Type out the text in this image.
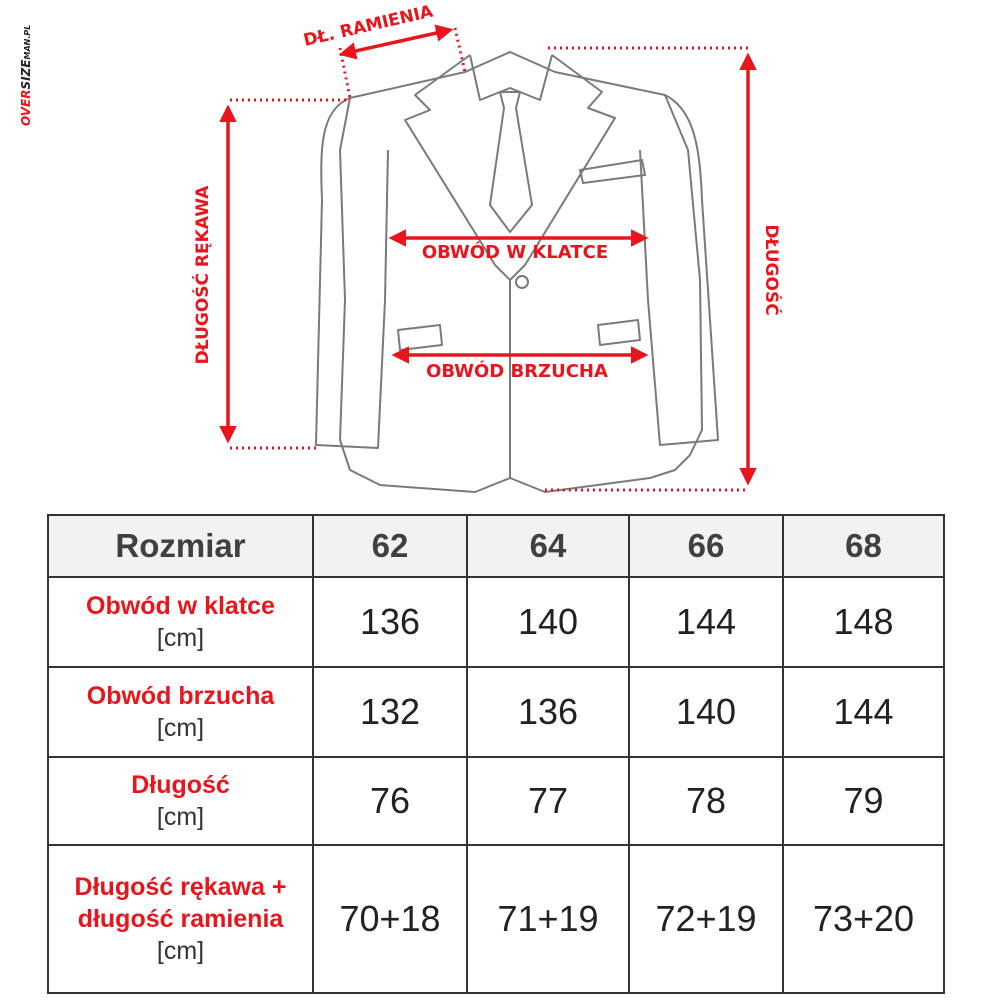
OVERSIZEMAN.PL	DŁ. RAMIENIA
DŁUGOŚĆ RĘKAWA	DŁUGOŚĆ
OBWÓD W KLATCE
OBWÓD BRZUCHA
Rozmiar	62	64	66	68

Obwód w klatce
[cm]	136	140	144	148

Obwód brzucha
[cm]	132	136	140	144

Długość
[cm]	76	77	78	79

Długość rękawa +
długość ramienia
[cm]	70+18	71+19	72+19	73+20
